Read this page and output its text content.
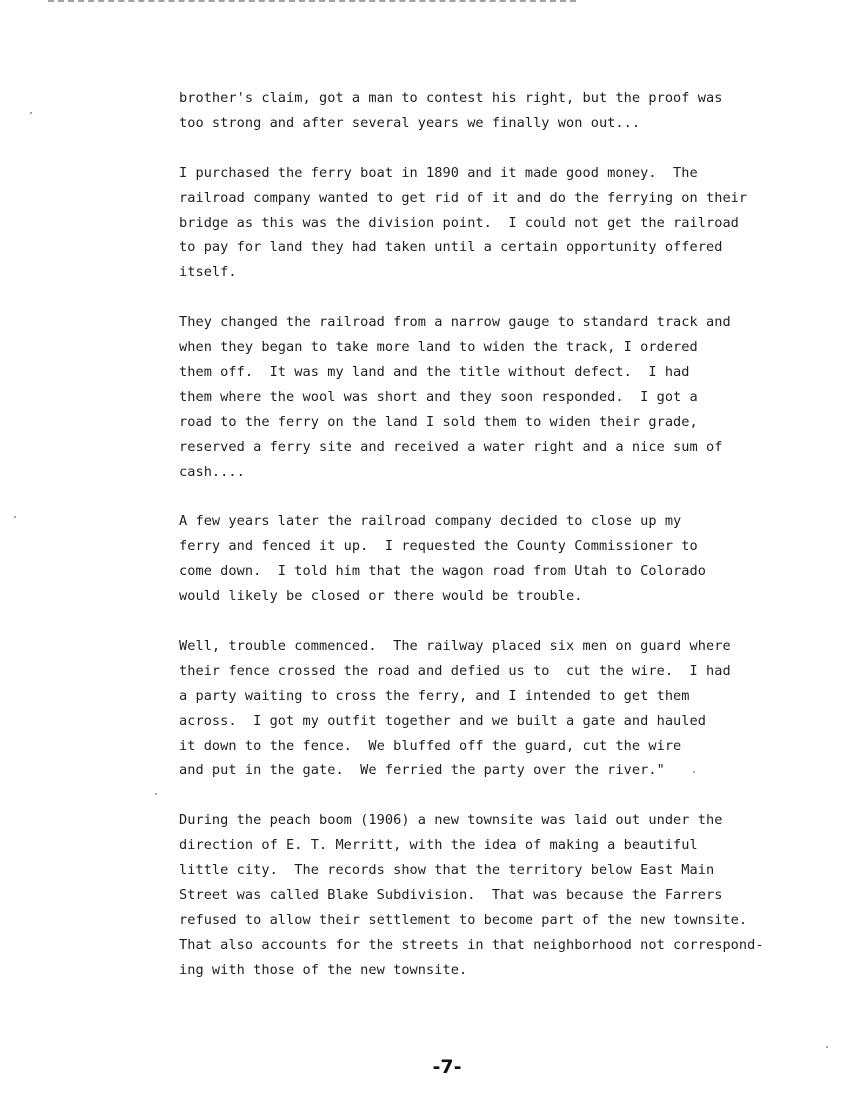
brother's claim, got a man to contest his right, but the proof was
too strong and after several years we finally won out...
I purchased the ferry boat in 1890 and it made good money.  The
railroad company wanted to get rid of it and do the ferrying on their
bridge as this was the division point.  I could not get the railroad
to pay for land they had taken until a certain opportunity offered
itself.
They changed the railroad from a narrow gauge to standard track and
when they began to take more land to widen the track, I ordered
them off.  It was my land and the title without defect.  I had
them where the wool was short and they soon responded.  I got a
road to the ferry on the land I sold them to widen their grade,
reserved a ferry site and received a water right and a nice sum of
cash....
A few years later the railroad company decided to close up my
ferry and fenced it up.  I requested the County Commissioner to
come down.  I told him that the wagon road from Utah to Colorado
would likely be closed or there would be trouble.
Well, trouble commenced.  The railway placed six men on guard where
their fence crossed the road and defied us to  cut the wire.  I had
a party waiting to cross the ferry, and I intended to get them
across.  I got my outfit together and we built a gate and hauled
it down to the fence.  We bluffed off the guard, cut the wire
and put in the gate.  We ferried the party over the river."
During the peach boom (1906) a new townsite was laid out under the
direction of E. T. Merritt, with the idea of making a beautiful
little city.  The records show that the territory below East Main
Street was called Blake Subdivision.  That was because the Farrers
refused to allow their settlement to become part of the new townsite.
That also accounts for the streets in that neighborhood not correspond-
ing with those of the new townsite.
-7-
